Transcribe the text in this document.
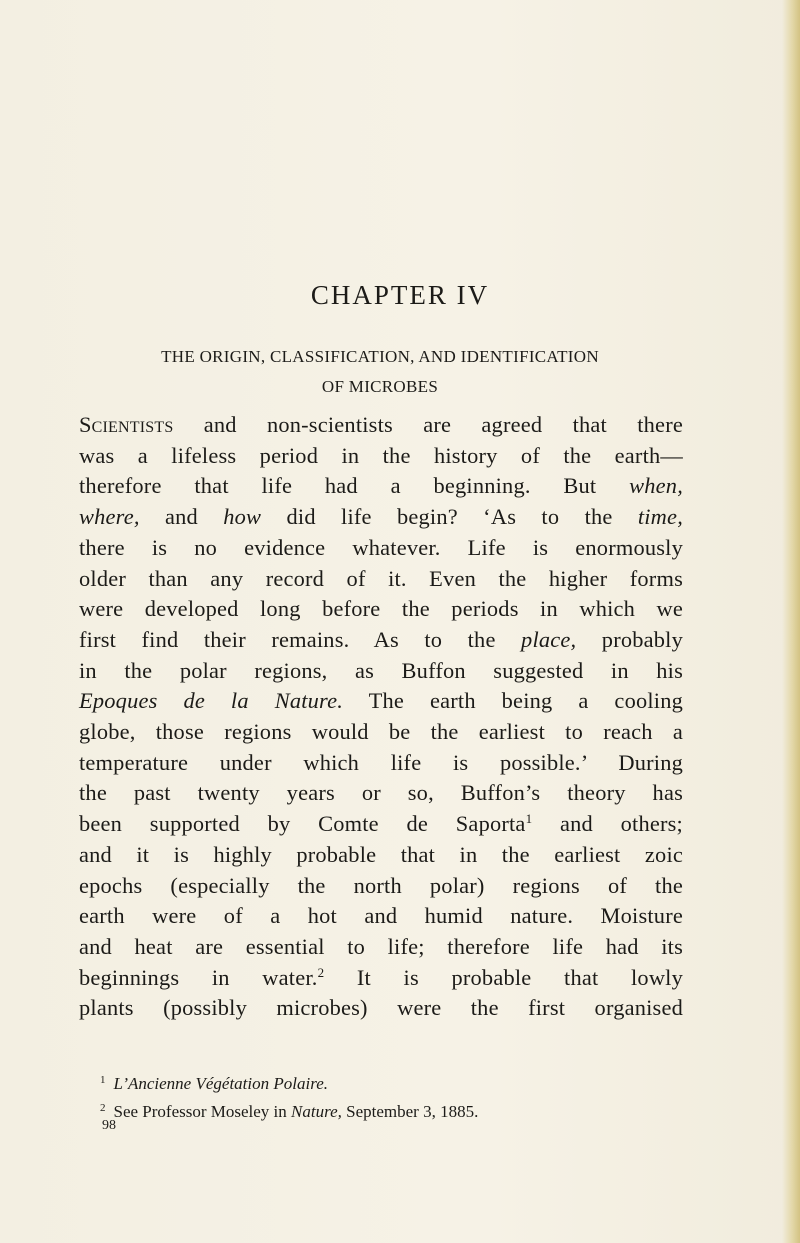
CHAPTER IV
THE ORIGIN, CLASSIFICATION, AND IDENTIFICATION
OF MICROBES
Scientists and non-scientists are agreed that there
was a lifeless period in the history of the earth—
therefore that life had a beginning. But when,
where, and how did life begin? ‘As to the time,
there is no evidence whatever. Life is enormously
older than any record of it. Even the higher forms
were developed long before the periods in which we
first find their remains. As to the place, probably
in the polar regions, as Buffon suggested in his
Epoques de la Nature. The earth being a cooling
globe, those regions would be the earliest to reach a
temperature under which life is possible.’ During
the past twenty years or so, Buffon’s theory has
been supported by Comte de Saporta$^1$ and others;
and it is highly probable that in the earliest zoic
epochs (especially the north polar) regions of the
earth were of a hot and humid nature. Moisture
and heat are essential to life; therefore life had its
beginnings in water.$^2$ It is probable that lowly
plants (possibly microbes) were the first organised
$^1$ L’Ancienne Végétation Polaire.
$^2$ See Professor Moseley in Nature, September 3, 1885.
98
